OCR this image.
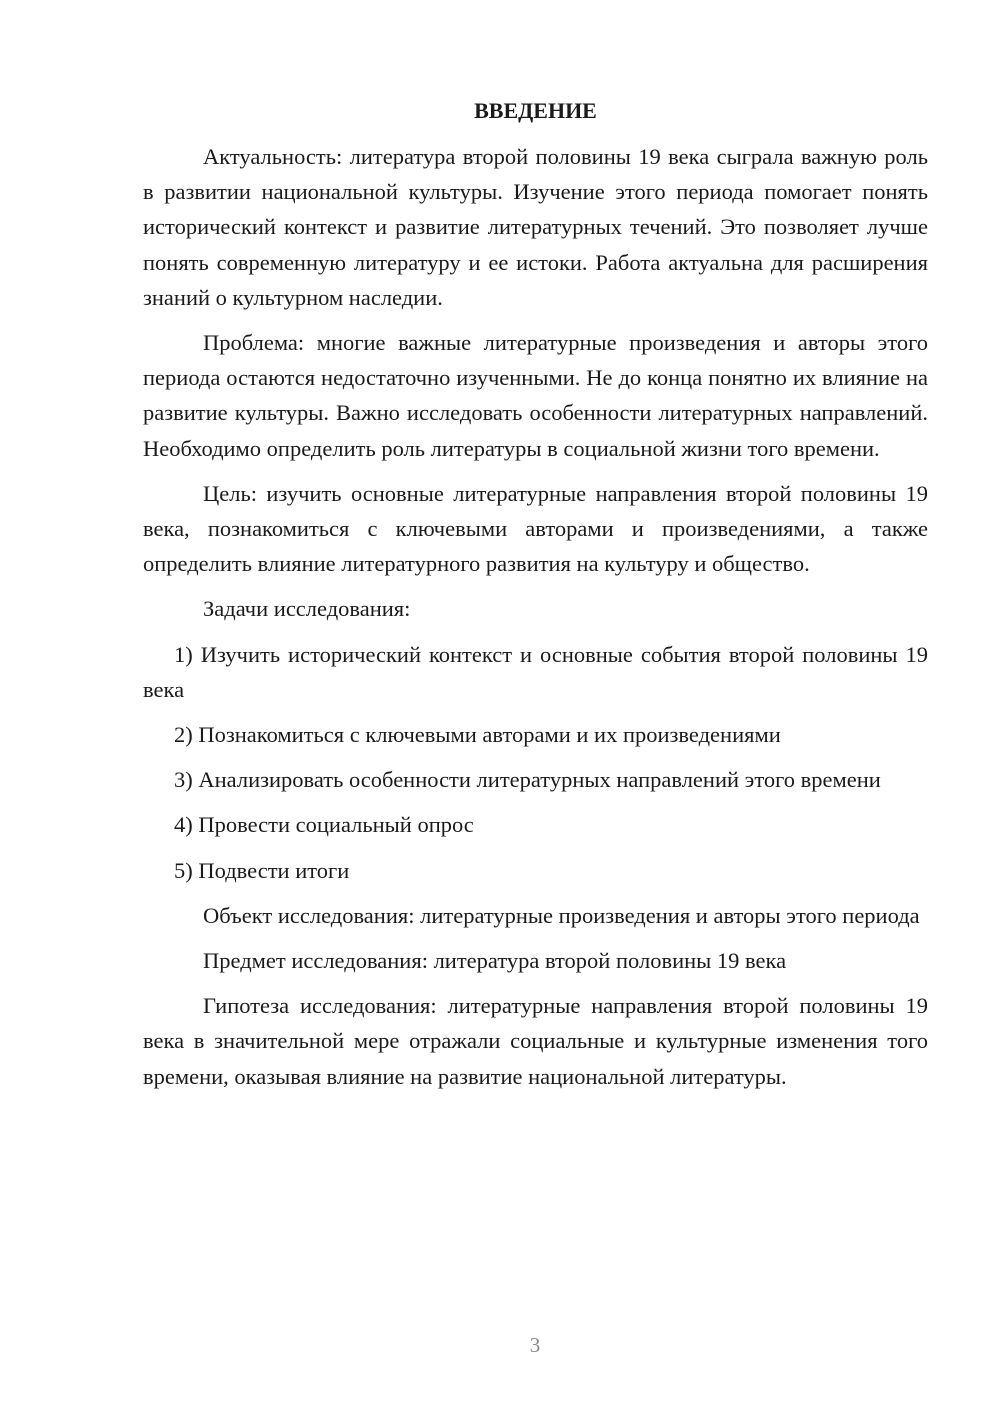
ВВЕДЕНИЕ

Актуальность: литература второй половины 19 века сыграла важную роль в развитии национальной культуры. Изучение этого периода помогает понять исторический контекст и развитие литературных течений. Это позволяет лучше понять современную литературу и ее истоки. Работа актуальна для расширения знаний о культурном наследии.

Проблема: многие важные литературные произведения и авторы этого периода остаются недостаточно изученными. Не до конца понятно их влияние на развитие культуры. Важно исследовать особенности литературных направлений. Необходимо определить роль литературы в социальной жизни того времени.

Цель: изучить основные литературные направления второй половины 19 века, познакомиться с ключевыми авторами и произведениями, а также определить влияние литературного развития на культуру и общество.

Задачи исследования:

1) Изучить исторический контекст и основные события второй половины 19 века

2) Познакомиться с ключевыми авторами и их произведениями

3) Анализировать особенности литературных направлений этого времени

4) Провести социальный опрос

5) Подвести итоги

Объект исследования: литературные произведения и авторы этого периода

Предмет исследования: литература второй половины 19 века

Гипотеза исследования: литературные направления второй половины 19 века в значительной мере отражали социальные и культурные изменения того времени, оказывая влияние на развитие национальной литературы.

3
